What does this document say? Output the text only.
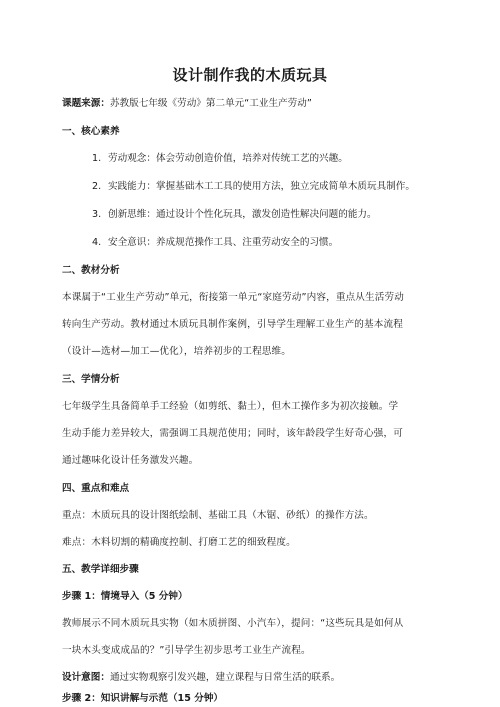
设计制作我的木质玩具
课题来源：苏教版七年级《劳动》第二单元“工业生产劳动”
一、核心素养
1. 劳动观念：体会劳动创造价值，培养对传统工艺的兴趣。
2. 实践能力：掌握基础木工工具的使用方法，独立完成简单木质玩具制作。
3. 创新思维：通过设计个性化玩具，激发创造性解决问题的能力。
4. 安全意识：养成规范操作工具、注重劳动安全的习惯。
二、教材分析
本课属于“工业生产劳动”单元，衔接第一单元“家庭劳动”内容，重点从生活劳动
转向生产劳动。教材通过木质玩具制作案例，引导学生理解工业生产的基本流程
（设计—选材—加工—优化），培养初步的工程思维。
三、学情分析
七年级学生具备简单手工经验（如剪纸、黏土），但木工操作多为初次接触。学
生动手能力差异较大，需强调工具规范使用；同时，该年龄段学生好奇心强，可
通过趣味化设计任务激发兴趣。
四、重点和难点
重点：木质玩具的设计图纸绘制、基础工具（木锯、砂纸）的操作方法。
难点：木料切割的精确度控制、打磨工艺的细致程度。
五、教学详细步骤
步骤 1：情境导入（5 分钟）
教师展示不同木质玩具实物（如木质拼图、小汽车），提问：“这些玩具是如何从
一块木头变成成品的？”引导学生初步思考工业生产流程。
设计意图：通过实物观察引发兴趣，建立课程与日常生活的联系。
步骤 2：知识讲解与示范（15 分钟）
